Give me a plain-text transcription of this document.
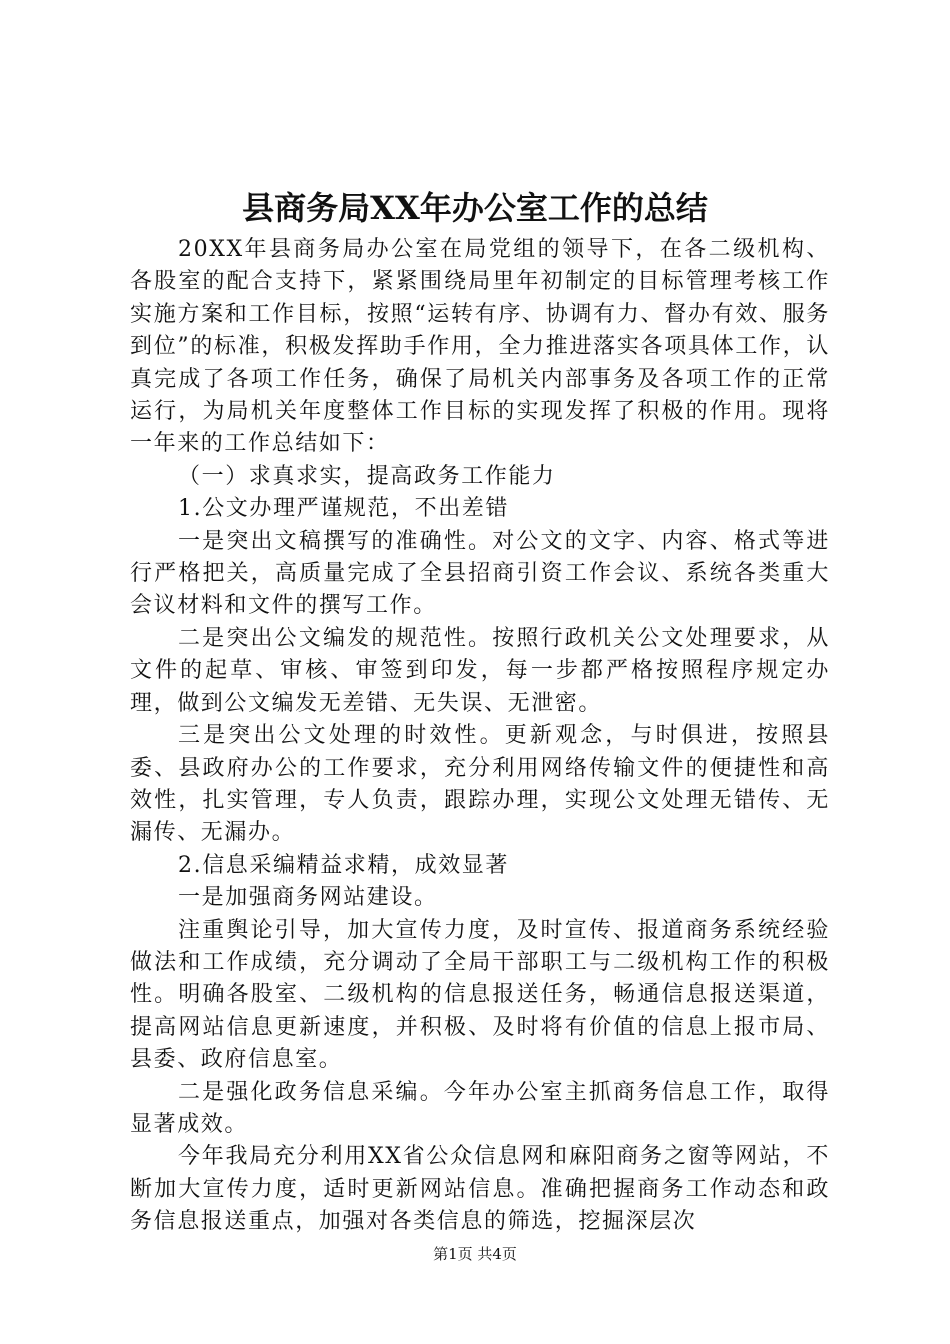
县商务局XX年办公室工作的总结

20XX年县商务局办公室在局党组的领导下，在各二级机构、各股室的配合支持下，紧紧围绕局里年初制定的目标管理考核工作实施方案和工作目标，按照“运转有序、协调有力、督办有效、服务到位”的标准，积极发挥助手作用，全力推进落实各项具体工作，认真完成了各项工作任务，确保了局机关内部事务及各项工作的正常运行，为局机关年度整体工作目标的实现发挥了积极的作用。现将一年来的工作总结如下：

（一）求真求实，提高政务工作能力

1.公文办理严谨规范，不出差错

一是突出文稿撰写的准确性。对公文的文字、内容、格式等进行严格把关，高质量完成了全县招商引资工作会议、系统各类重大会议材料和文件的撰写工作。

二是突出公文编发的规范性。按照行政机关公文处理要求，从文件的起草、审核、审签到印发，每一步都严格按照程序规定办理，做到公文编发无差错、无失误、无泄密。

三是突出公文处理的时效性。更新观念，与时俱进，按照县委、县政府办公的工作要求，充分利用网络传输文件的便捷性和高效性，扎实管理，专人负责，跟踪办理，实现公文处理无错传、无漏传、无漏办。

2.信息采编精益求精，成效显著

一是加强商务网站建设。

注重舆论引导，加大宣传力度，及时宣传、报道商务系统经验做法和工作成绩，充分调动了全局干部职工与二级机构工作的积极性。明确各股室、二级机构的信息报送任务，畅通信息报送渠道，提高网站信息更新速度，并积极、及时将有价值的信息上报市局、县委、政府信息室。

二是强化政务信息采编。今年办公室主抓商务信息工作，取得显著成效。

今年我局充分利用XX省公众信息网和麻阳商务之窗等网站，不断加大宣传力度，适时更新网站信息。准确把握商务工作动态和政务信息报送重点，加强对各类信息的筛选，挖掘深层次

第1页 共4页
